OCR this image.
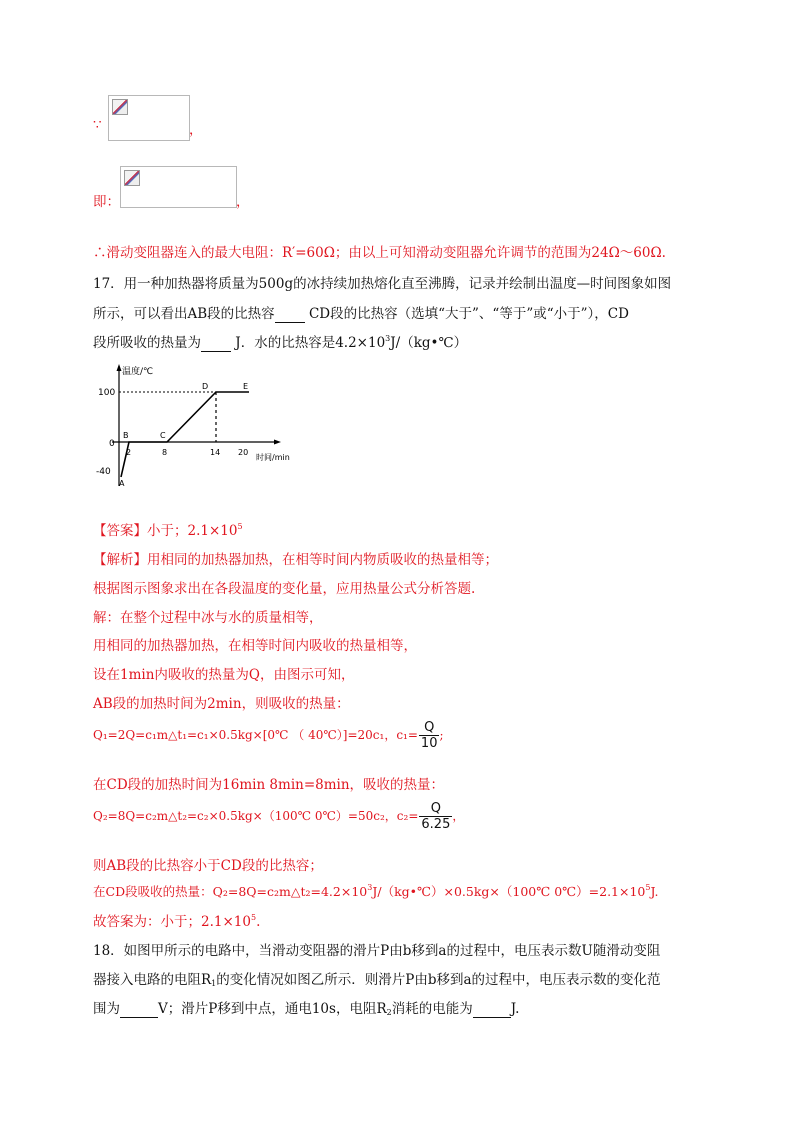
∵	，
即：	，
∴滑动变阻器连入的最大电阻：R′=60Ω；由以上可知滑动变阻器允许调节的范围为24Ω～60Ω.
17．用一种加热器将质量为500g的冰持续加热熔化直至沸腾，记录并绘制出温度—时间图象如图
所示，可以看出AB段的比热容	CD段的比热容（选填“大于”、“等于”或“小于”），CD
段所吸收的热量为	J．水的比热容是$4.2\times 10^3J/(kg•℃)$
温度/℃
时间/min
100
0
-40
2	8	14 20
A
B	C
D	E
【答案】小于；$2.1\times 10^5$
【解析】用相同的加热器加热，在相等时间内物质吸收的热量相等；
根据图示图象求出在各段温度的变化量，应用热量公式分析答题.
解：在整个过程中冰与水的质量相等，
用相同的加热器加热，在相等时间内吸收的热量相等，
设在1min内吸收的热量为Q，由图示可知，
AB段的加热时间为2min，则吸收的热量：
Q₁=2Q=c₁m△t₁=c₁×0.5kg×[0℃ （ 40℃）]=20c₁，$c_1= \frac{Q}{10}$ ;
在CD段的加热时间为16min 8min=8min，吸收的热量：
Q₂=8Q=c₂m△t₂=c₂×0.5kg×（100℃ 0℃）=50c₂，$c_2= \frac{Q}{6.25}$ ，
则AB段的比热容小于CD段的比热容；
在CD段吸收的热量：$Q_2=8Q=c_2m\triangle t_2=4.2\times 10^3J/(kg•℃)\times 0.5kg\times(100℃$ $0℃)=2.1\times 10^5J$.
故答案为：小于；$2.1\times 10^5$.
18．如图甲所示的电路中，当滑动变阻器的滑片P由b移到a的过程中，电压表示数U随滑动变阻
器接入电路的电阻$R_1$的变化情况如图乙所示．则滑片P由b移到a的过程中，电压表示数的变化范
围为	V；滑片P移到中点，通电10s，电阻$R_2$消耗的电能为	J.
